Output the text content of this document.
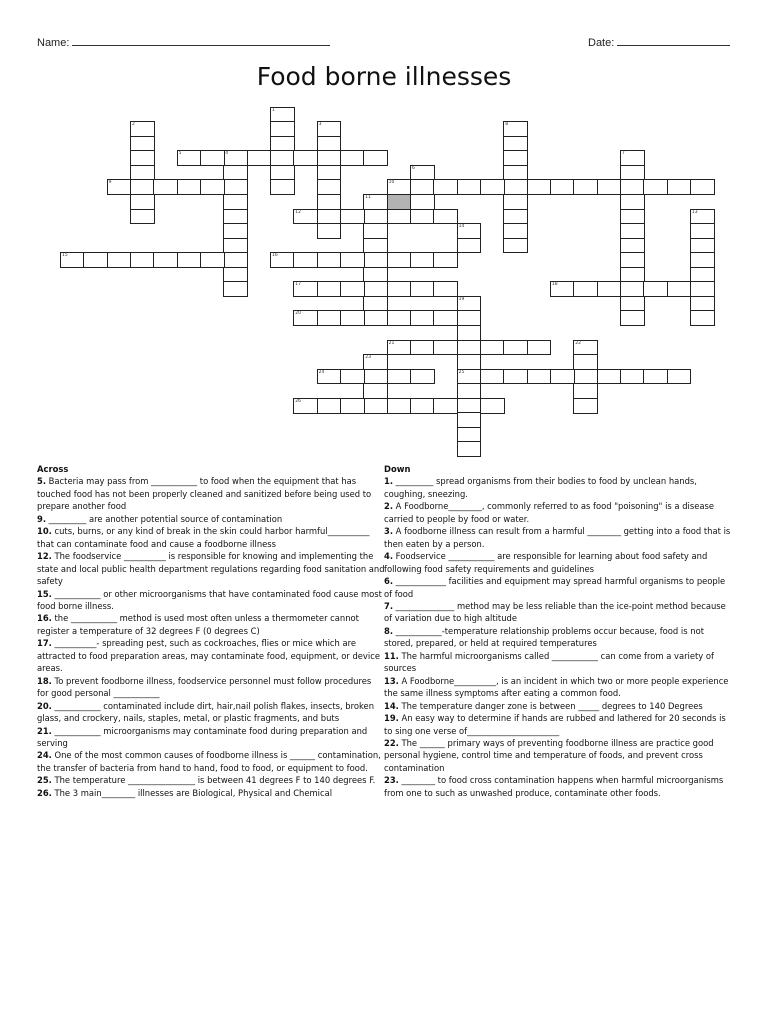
Name:	Date:
Food borne illnesses
1
2	3
4
5
6
7
8
9	10
11
12	13
14
15	16
17	18
19
25
20
21	22
23
24
26
Across
5. Bacteria may pass from ___________ to food when the equipment that has touched food has not been properly cleaned and sanitized before being used to prepare another food
9. _________ are another potential source of contamination
10. cuts, burns, or any kind of break in the skin could harbor harmful__________ that can contaminate food and cause a foodborne illness
12. The foodservice __________ is responsible for knowing and implementing the state and local public health department regulations regarding food sanitation and safety
15. ___________ or other microorganisms that have contaminated food cause most food borne illness.
16. the ___________ method is used most often unless a thermometer cannot register a temperature of 32 degrees F (0 degrees C)
17. __________- spreading pest, such as cockroaches, flies or mice which are attracted to food preparation areas, may contaminate food, equipment, or device areas.
18. To prevent foodborne illness, foodservice personnel must follow procedures for good personal ___________
20. ___________ contaminated include dirt, hair,nail polish flakes, insects, broken glass, and crockery, nails, staples, metal, or plastic fragments, and buts
21. ___________ microorganisms may contaminate food during preparation and serving
24. One of the most common causes of foodborne illness is ______ contamination, the transfer of bacteria from hand to hand, food to food, or equipment to food.
25. The temperature ________________ is between 41 degrees F to 140 degrees F.
26. The 3 main________ illnesses are Biological, Physical and Chemical
Down
1. _________ spread organisms from their bodies to food by unclean hands, coughing, sneezing.
2. A Foodborne________, commonly referred to as food "poisoning" is a disease carried to people by food or water.
3. A foodborne illness can result from a harmful ________ getting into a food that is then eaten by a person.
4. Foodservice ___________ are responsible for learning about food safety and following food safety requirements and guidelines
6. ____________ facilities and equipment may spread harmful organisms to people of food
7. ______________ method may be less reliable than the ice-point method because of variation due to high altitude
8. ___________-temperature relationship problems occur because, food is not stored, prepared, or held at required temperatures
11. The harmful microorganisms called ___________ can come from a variety of sources
13. A Foodborne__________, is an incident in which two or more people experience the same illness symptoms after eating a common food.
14. The temperature danger zone is between _____ degrees to 140 Degrees
19. An easy way to determine if hands are rubbed and lathered for 20 seconds is to sing one verse of______________________
22. The ______ primary ways of preventing foodborne illness are practice good personal hygiene, control time and temperature of foods, and prevent cross contamination
23. ________ to food cross contamination happens when harmful microorganisms from one to such as unwashed produce, contaminate other foods.
